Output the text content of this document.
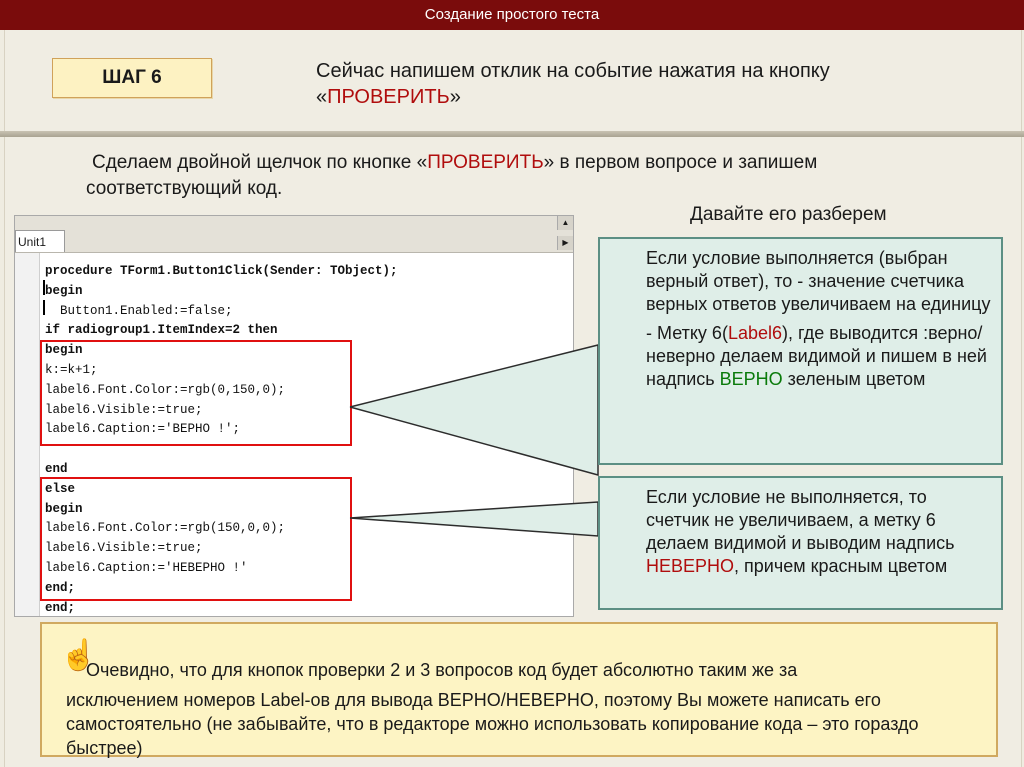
Создание простого теста
ШАГ 6	Сейчас напишем отклик на событие нажатия на кнопку
«ПРОВЕРИТЬ»
Сделаем двойной щелчок по кнопке «ПРОВЕРИТЬ» в первом вопросе и запишем
соответствующий код.
Давайте его разберем
Unit1
▲
▶
procedure TForm1.Button1Click(Sender: TObject);
begin
Button1.Enabled:=false;
if radiogroup1.ItemIndex=2 then
begin
k:=k+1;
label6.Font.Color:=rgb(0,150,0);
label6.Visible:=true;
label6.Caption:='ВЕРНО !';
end
else
begin
label6.Font.Color:=rgb(150,0,0);
label6.Visible:=true;
label6.Caption:='НЕВЕРНО !'
end;
end;

Если условие выполняется (выбран верный ответ), то - значение счетчика верных ответов увеличиваем на единицу

- Метку 6(Label6), где выводится :верно/неверно делаем видимой и пишем в ней надпись ВЕРНО зеленым цветом

Если условие не выполняется, то счетчик не увеличиваем, а метку 6 делаем видимой и выводим надпись НЕВЕРНО, причем красным цветом

☝
Очевидно, что для кнопок проверки 2 и 3 вопросов код будет абсолютно таким же за
исключением номеров Label-ов для вывода ВЕРНО/НЕВЕРНО, поэтому Вы можете написать его самостоятельно (не забывайте, что в редакторе можно использовать копирование кода – это гораздо быстрее)
